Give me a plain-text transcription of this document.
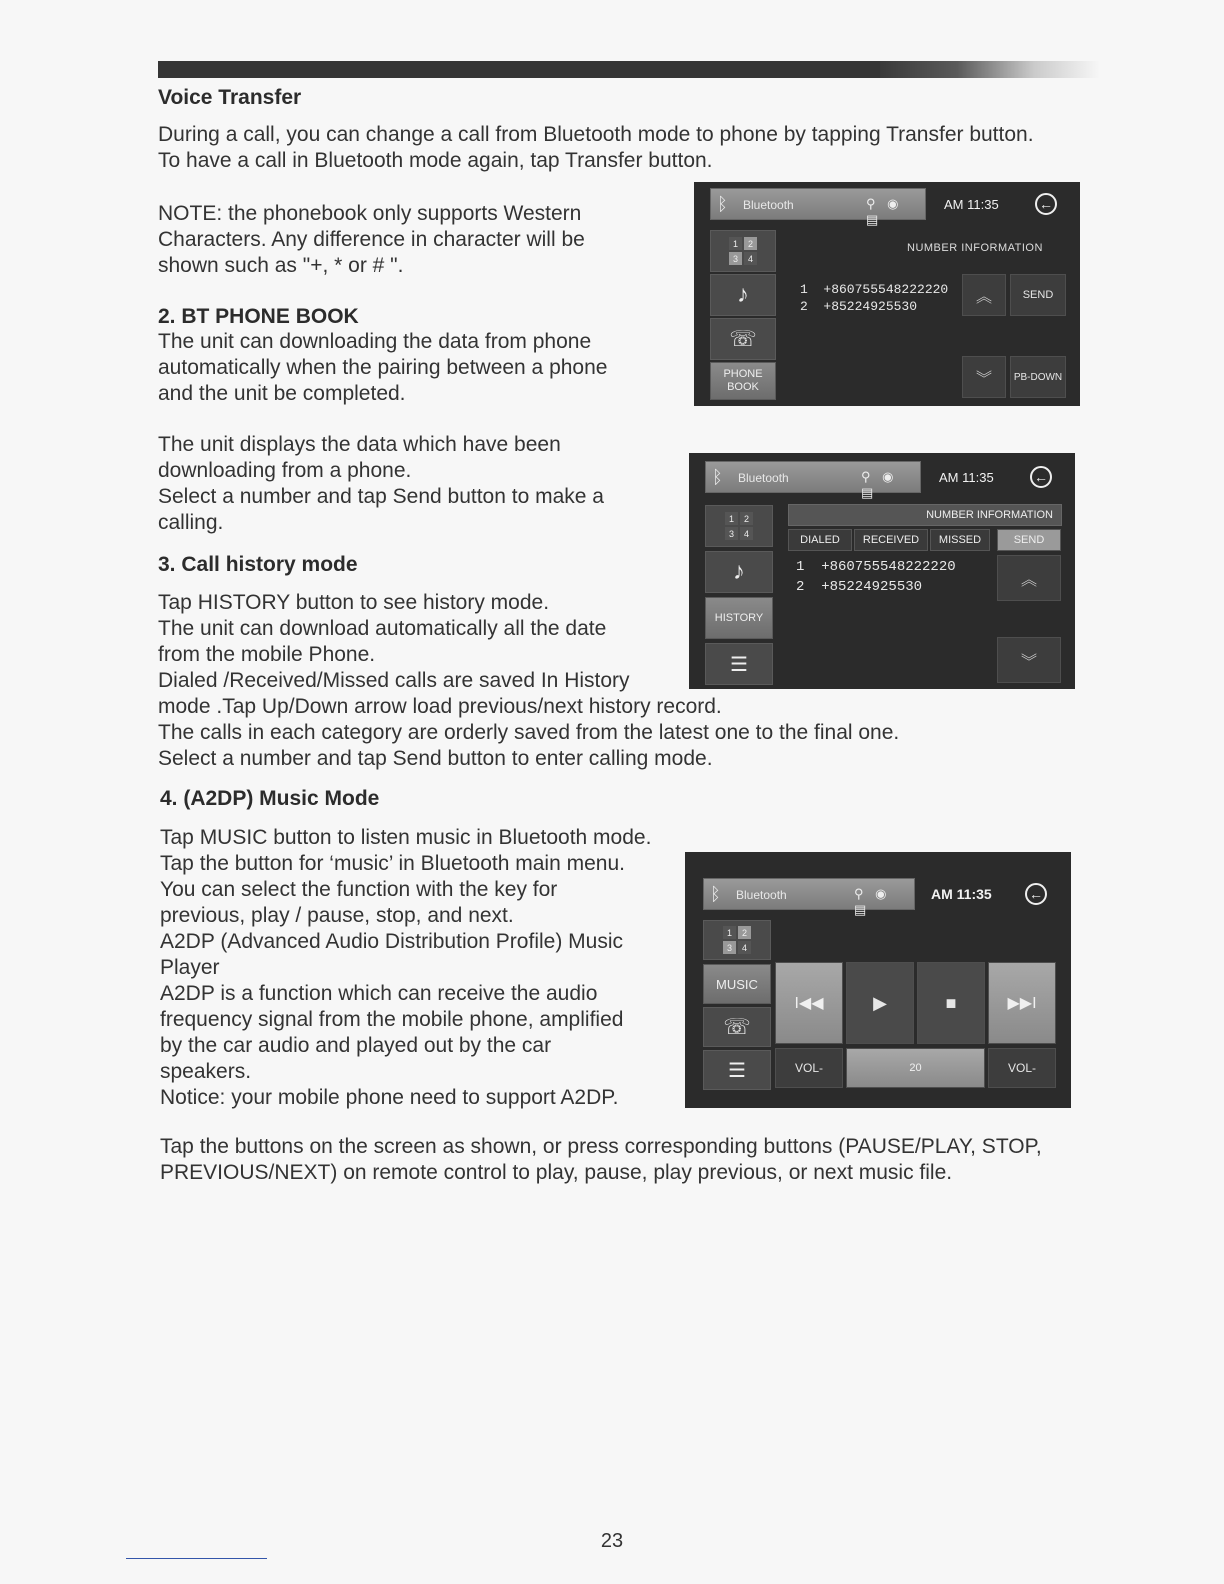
Voice Transfer
During a call, you can change a call from Bluetooth mode to phone by tapping Transfer button.
To have a call in Bluetooth mode again, tap Transfer button.
NOTE: the phonebook only supports Western
Characters. Any difference in character will be
shown such as "+, * or # ".
2. BT PHONE BOOK
The unit can downloading the data from phone
automatically when the pairing between a phone
and the unit be completed.
The unit displays the data which have been
downloading from a phone.
Select a number and tap Send button to make a
calling.
3. Call history mode
Tap HISTORY button to see history mode.
The unit can download automatically all the date
from the mobile Phone.
Dialed /Received/Missed calls are saved In History
mode .Tap Up/Down arrow load previous/next history record.
The calls in each category are orderly saved from the latest one to the final one.
Select a number and tap Send button to enter calling mode.
4. (A2DP) Music Mode
Tap MUSIC button to listen music in Bluetooth mode.
Tap the button for ‘music’ in Bluetooth main menu.
You can select the function with the key for
previous, play / pause, stop, and next.
A2DP (Advanced Audio Distribution Profile) Music
Player
A2DP is a function which can receive the audio
frequency signal from the mobile phone, amplified
by the car audio and played out by the car
speakers.
Notice: your mobile phone need to support A2DP.
Tap the buttons on the screen as shown, or press corresponding buttons (PAUSE/PLAY, STOP,
PREVIOUS/NEXT) on remote control to play, pause, play previous, or next music file.
ᛒ Bluetooth	⚲ ◉ ▤
AM 11:35	←
1	2
3	4
♪
☏
PHONE BOOK
NUMBER INFORMATION
1  +860755548222220
2  +85224925530
︽	SEND
︾	PB-DOWN
ᛒ Bluetooth	⚲ ◉ ▤
AM 11:35	←
1	2
3	4
♪
HISTORY
☰
NUMBER INFORMATION
DIALED	RECEIVED	MISSED	SEND
1  +860755548222220
2  +85224925530	︽
︾
ᛒ Bluetooth	⚲ ◉ ▤
AM 11:35	←
1	2
3	4
MUSIC
☏
☰
I◀◀	▶	■	▶▶I
VOL-	20	VOL-
23
